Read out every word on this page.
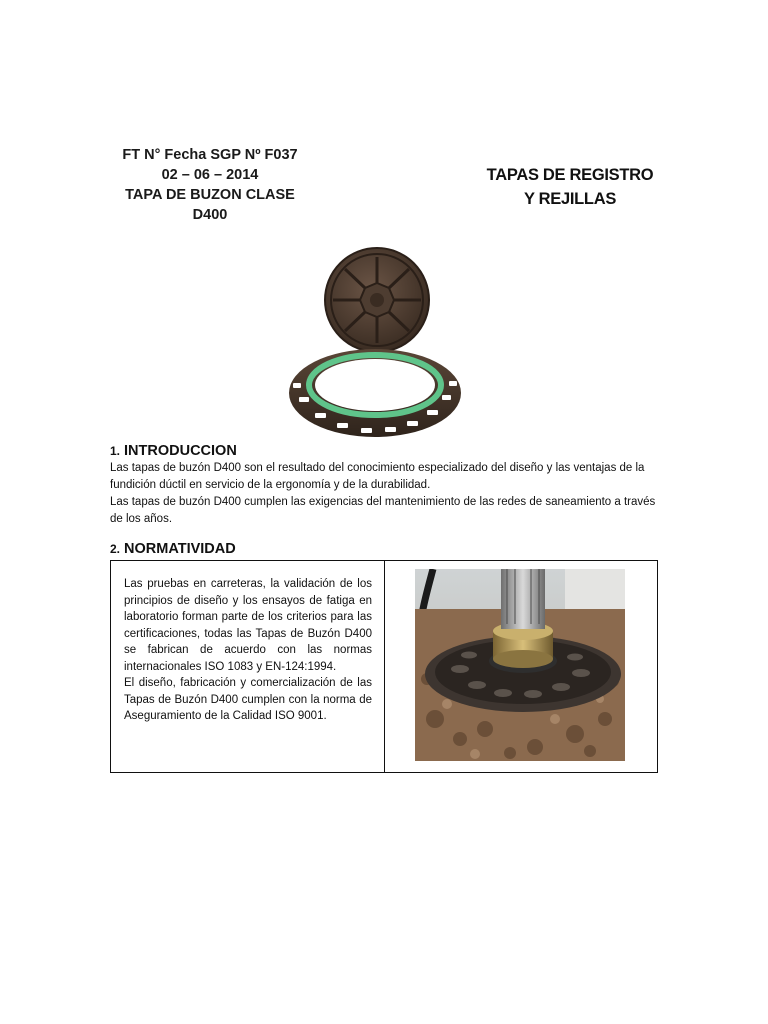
FT N° Fecha SGP Nº F037
02 – 06 – 2014
TAPA DE BUZON CLASE
D400
TAPAS DE REGISTRO
Y REJILLAS
1. INTRODUCCION

Las tapas de buzón D400 son el resultado del conocimiento especializado del diseño y las ventajas de la fundición dúctil en servicio de la ergonomía y de la durabilidad.

Las tapas de buzón D400 cumplen las exigencias del mantenimiento de las redes de saneamiento a través de los años.

2. NORMATIVIDAD

Las pruebas en carreteras, la validación de los principios de diseño y los ensayos de fatiga en laboratorio forman parte de los criterios para las certificaciones, todas las Tapas de Buzón D400 se fabrican de acuerdo con las normas internacionales ISO 1083 y EN-124:1994.

El diseño, fabricación y comercialización de las Tapas de Buzón D400 cumplen con la norma de Aseguramiento de la Calidad ISO 9001.
